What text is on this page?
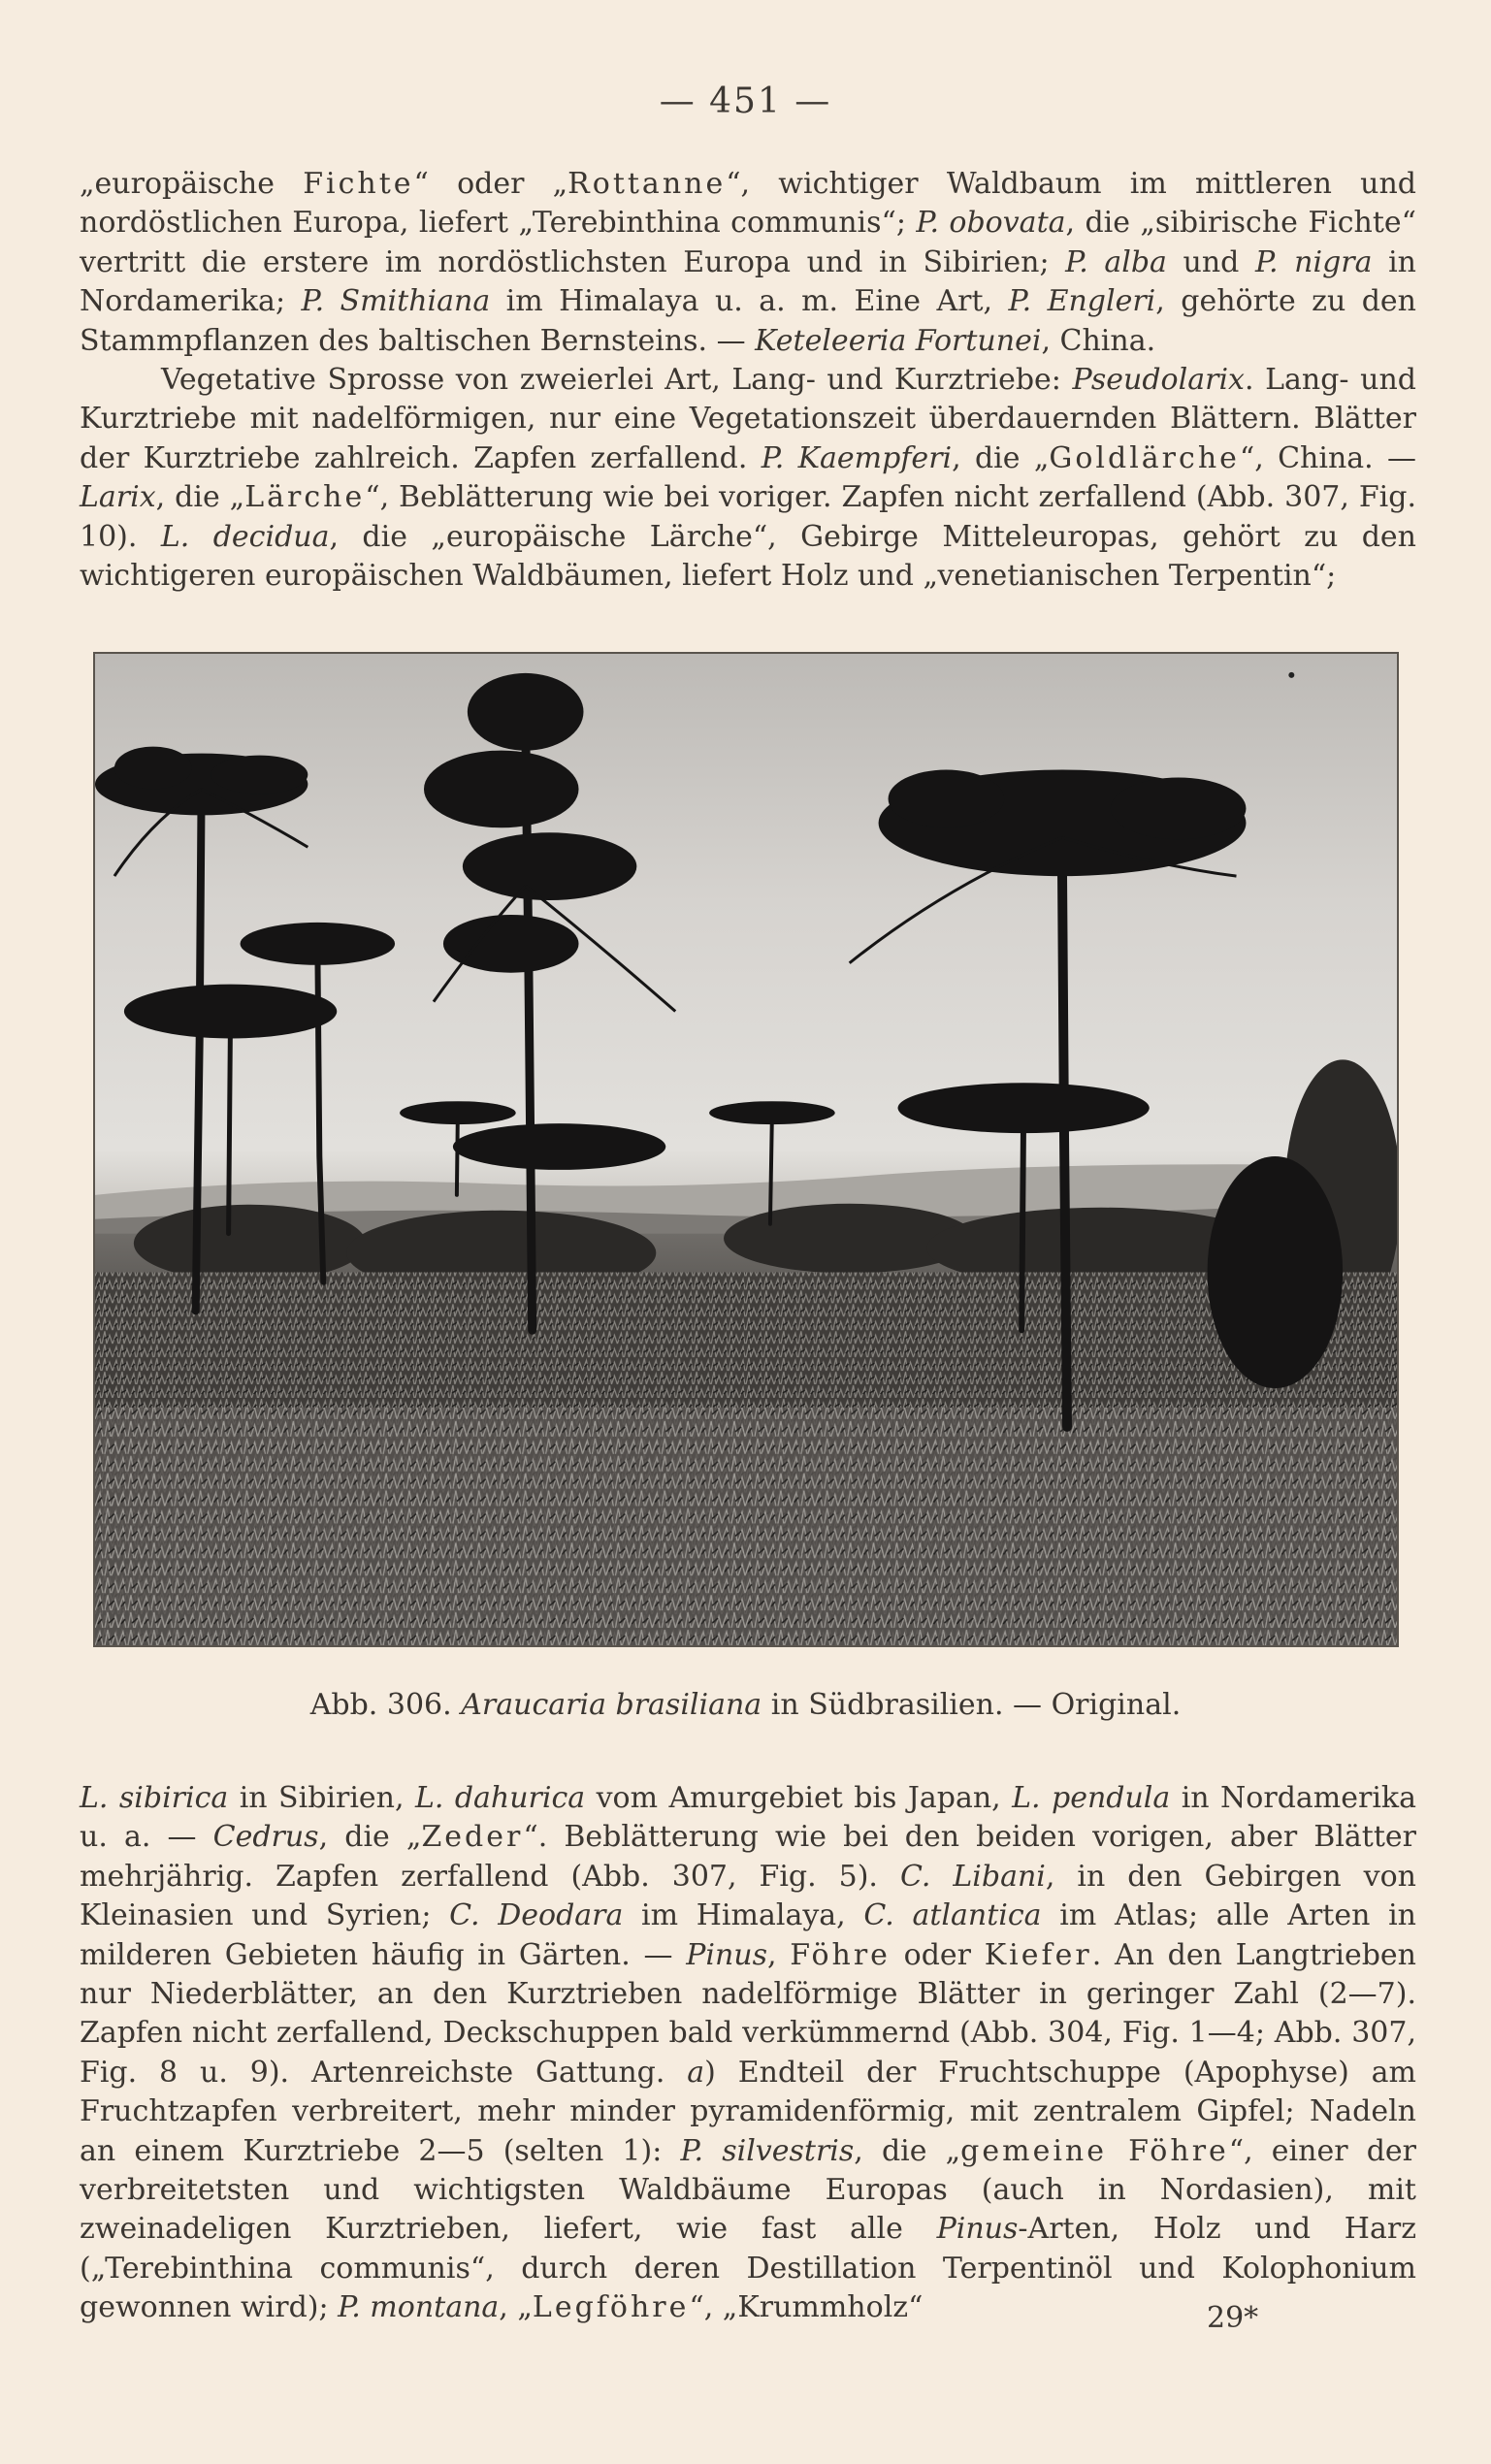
— 451 —

„europäische Fichte“ oder „Rottanne“, wichtiger Waldbaum im mittleren und nordöstlichen Europa, liefert „Terebinthina communis“; P. obovata, die „sibirische Fichte“ vertritt die erstere im nordöstlichsten Europa und in Sibirien; P. alba und P. nigra in Nordamerika; P. Smithiana im Himalaya u. a. m. Eine Art, P. Engleri, gehörte zu den Stammpflanzen des baltischen Bernsteins. — Keteleeria Fortunei, China.

Vegetative Sprosse von zweierlei Art, Lang- und Kurztriebe: Pseudolarix. Lang- und Kurztriebe mit nadelförmigen, nur eine Vegetationszeit überdauernden Blättern. Blätter der Kurztriebe zahlreich. Zapfen zerfallend. P. Kaempferi, die „Goldlärche“, China. — Larix, die „Lärche“, Beblätterung wie bei voriger. Zapfen nicht zerfallend (Abb. 307, Fig. 10). L. decidua, die „europäische Lärche“, Gebirge Mitteleuropas, gehört zu den wichtigeren europäischen Waldbäumen, liefert Holz und „venetianischen Terpentin“;

Abb. 306. Araucaria brasiliana in Südbrasilien. — Original.

L. sibirica in Sibirien, L. dahurica vom Amurgebiet bis Japan, L. pendula in Nordamerika u. a. — Cedrus, die „Zeder“. Beblätterung wie bei den beiden vorigen, aber Blätter mehrjährig. Zapfen zerfallend (Abb. 307, Fig. 5). C. Libani, in den Gebirgen von Kleinasien und Syrien; C. Deodara im Himalaya, C. atlantica im Atlas; alle Arten in milderen Gebieten häufig in Gärten. — Pinus, Föhre oder Kiefer. An den Langtrieben nur Niederblätter, an den Kurztrieben nadelförmige Blätter in geringer Zahl (2—7). Zapfen nicht zerfallend, Deckschuppen bald verkümmernd (Abb. 304, Fig. 1—4; Abb. 307, Fig. 8 u. 9). Artenreichste Gattung. a) Endteil der Fruchtschuppe (Apophyse) am Fruchtzapfen verbreitert, mehr minder pyramidenförmig, mit zentralem Gipfel; Nadeln an einem Kurztriebe 2—5 (selten 1): P. silvestris, die „gemeine Föhre“, einer der verbreitetsten und wichtigsten Waldbäume Europas (auch in Nordasien), mit zweinadeligen Kurztrieben, liefert, wie fast alle Pinus-Arten, Holz und Harz („Terebinthina communis“, durch deren Destillation Terpentinöl und Kolophonium gewonnen wird); P. montana, „Legföhre“, „Krummholz“	29*
